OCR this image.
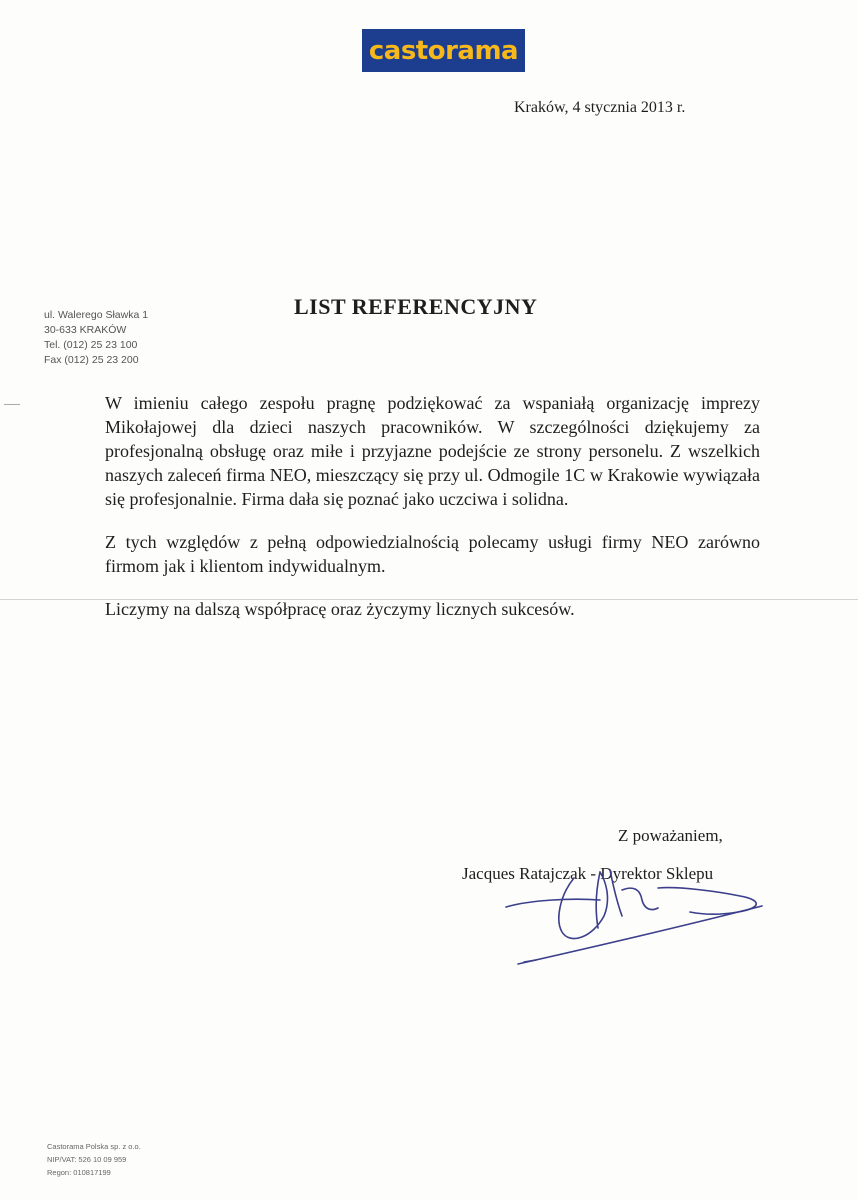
castorama
Kraków, 4 stycznia 2013 r.
ul. Walerego Sławka 1
30-633 KRAKÓW
Tel. (012) 25 23 100
Fax (012) 25 23 200
LIST REFERENCYJNY

W imieniu całego zespołu pragnę podziękować za wspaniałą organizację imprezy Mikołajowej dla dzieci naszych pracowników. W szczególności dziękujemy za profesjonalną obsługę oraz miłe i przyjazne podejście ze strony personelu. Z wszelkich naszych zaleceń firma NEO, mieszczący się przy ul. Odmogile 1C w Krakowie wywiązała się profesjonalnie. Firma dała się poznać jako uczciwa i solidna.

Z tych względów z pełną odpowiedzialnością polecamy usługi firmy NEO zarówno firmom jak i klientom indywidualnym.

Liczymy na dalszą współpracę oraz życzymy licznych sukcesów.

Z poważaniem,
Jacques Ratajczak - Dyrektor Sklepu
Castorama Polska sp. z o.o.
NIP/VAT: 526 10 09 959
Regon: 010817199
